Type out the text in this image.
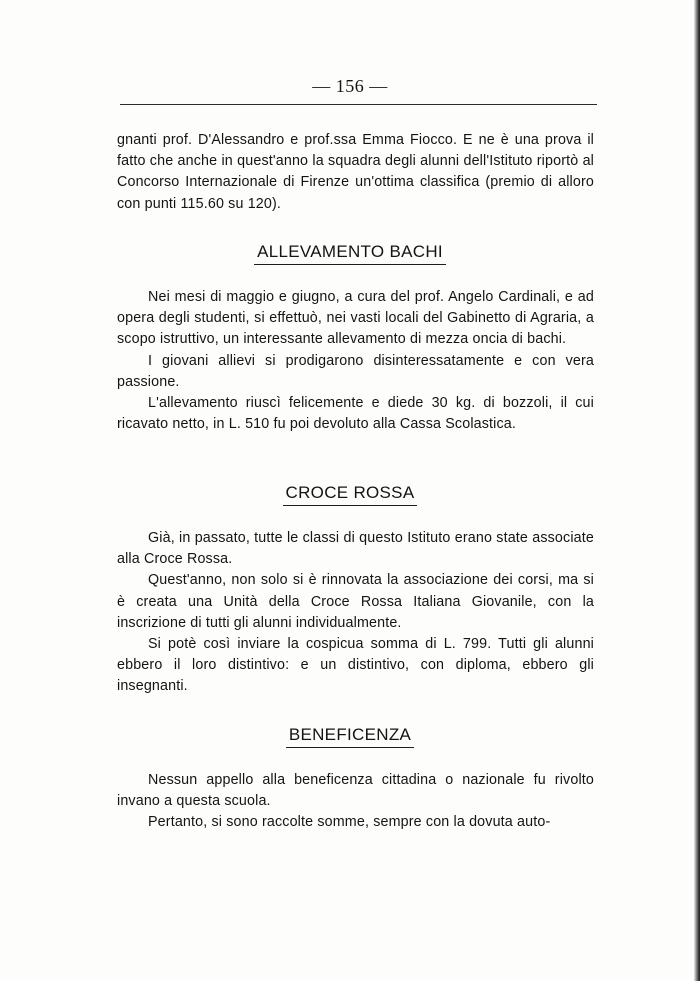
— 156 —

gnanti prof. D'Alessandro e prof.ssa Emma Fiocco. E ne è una prova il fatto che anche in quest'anno la squadra degli alunni dell'Istituto riportò al Concorso Internazionale di Firenze un'ottima classifica (premio di alloro con punti 115.60 su 120).

ALLEVAMENTO BACHI

Nei mesi di maggio e giugno, a cura del prof. Angelo Cardinali, e ad opera degli studenti, si effettuò, nei vasti locali del Gabinetto di Agraria, a scopo istruttivo, un interessante allevamento di mezza oncia di bachi.

I giovani allievi si prodigarono disinteressatamente e con vera passione.

L'allevamento riuscì felicemente e diede 30 kg. di bozzoli, il cui ricavato netto, in L. 510 fu poi devoluto alla Cassa Scolastica.

CROCE ROSSA

Già, in passato, tutte le classi di questo Istituto erano state associate alla Croce Rossa.

Quest'anno, non solo si è rinnovata la associazione dei corsi, ma si è creata una Unità della Croce Rossa Italiana Giovanile, con la inscrizione di tutti gli alunni individualmente.

Si potè così inviare la cospicua somma di L. 799. Tutti gli alunni ebbero il loro distintivo: e un distintivo, con diploma, ebbero gli insegnanti.

BENEFICENZA

Nessun appello alla beneficenza cittadina o nazionale fu rivolto invano a questa scuola.

Pertanto, si sono raccolte somme, sempre con la dovuta auto-
